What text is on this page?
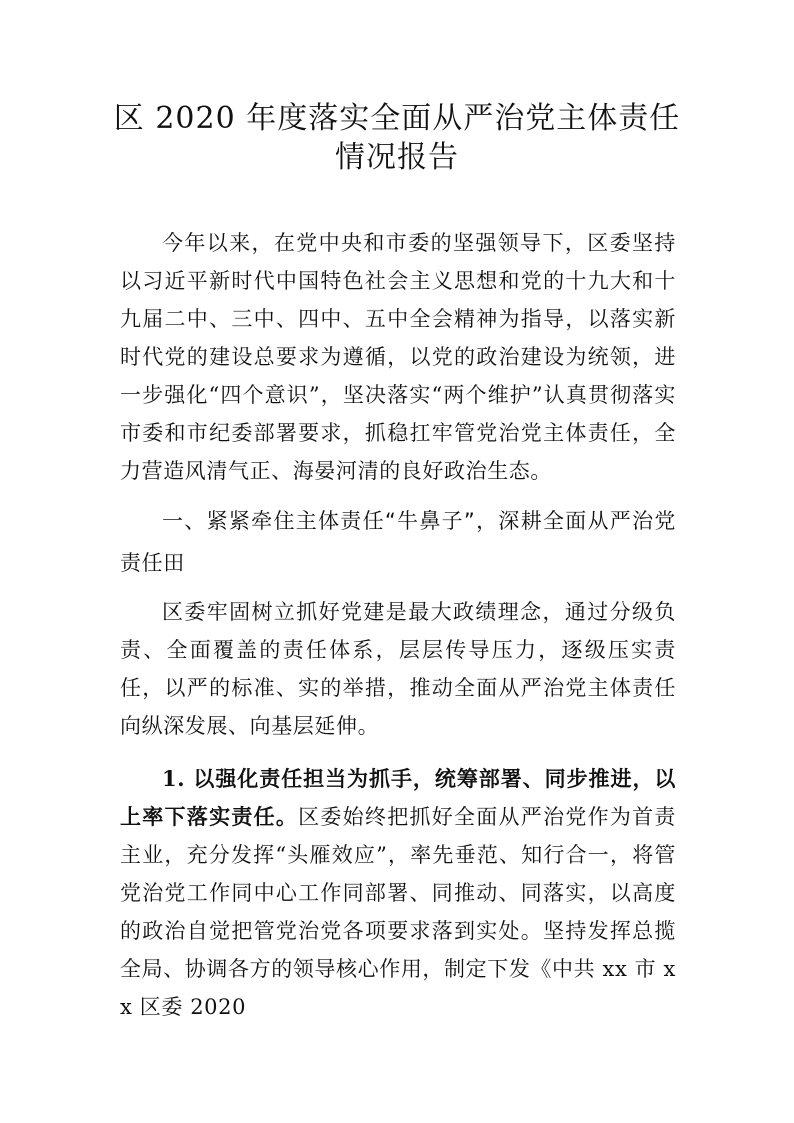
区 2020 年度落实全面从严治党主体责任
情况报告

今年以来，在党中央和市委的坚强领导下，区委坚持以习近平新时代中国特色社会主义思想和党的十九大和十九届二中、三中、四中、五中全会精神为指导，以落实新时代党的建设总要求为遵循，以党的政治建设为统领，进一步强化“四个意识”，坚决落实“两个维护”认真贯彻落实市委和市纪委部署要求，抓稳扛牢管党治党主体责任，全力营造风清气正、海晏河清的良好政治生态。

一、紧紧牵住主体责任“牛鼻子”，深耕全面从严治党责任田

区委牢固树立抓好党建是最大政绩理念，通过分级负责、全面覆盖的责任体系，层层传导压力，逐级压实责任，以严的标准、实的举措，推动全面从严治党主体责任向纵深发展、向基层延伸。

1. 以强化责任担当为抓手，统筹部署、同步推进，以上率下落实责任。区委始终把抓好全面从严治党作为首责主业，充分发挥“头雁效应”，率先垂范、知行合一，将管党治党工作同中心工作同部署、同推动、同落实，以高度的政治自觉把管党治党各项要求落到实处。坚持发挥总揽全局、协调各方的领导核心作用，制定下发《中共 xx 市 xx 区委 2020
